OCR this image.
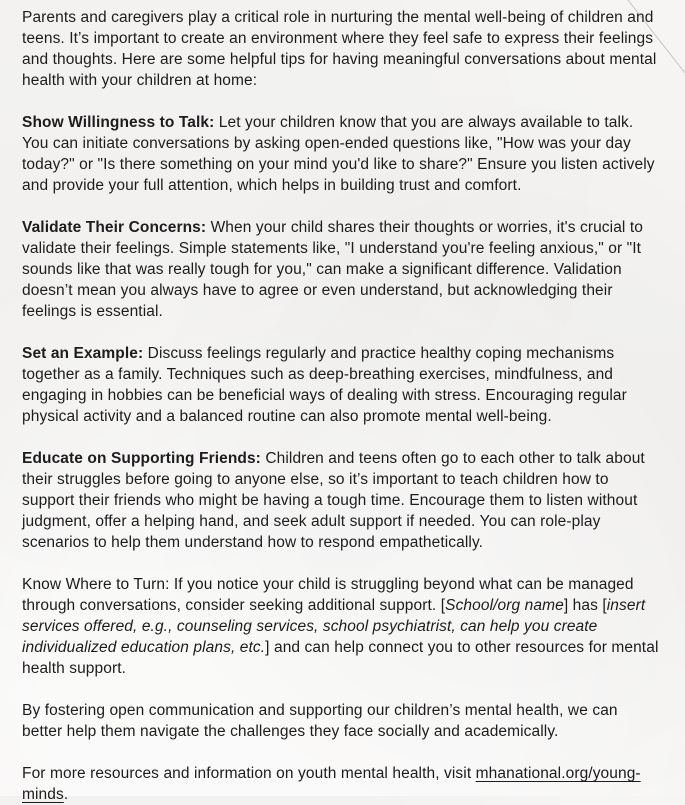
Parents and caregivers play a critical role in nurturing the mental well-being of children and teens. It’s important to create an environment where they feel safe to express their feelings and thoughts. Here are some helpful tips for having meaningful conversations about mental health with your children at home:

Show Willingness to Talk: Let your children know that you are always available to talk. You can initiate conversations by asking open-ended questions like, "How was your day today?" or "Is there something on your mind you'd like to share?" Ensure you listen actively and provide your full attention, which helps in building trust and comfort.

Validate Their Concerns: When your child shares their thoughts or worries, it's crucial to validate their feelings. Simple statements like, "I understand you're feeling anxious," or "It sounds like that was really tough for you," can make a significant difference. Validation doesn’t mean you always have to agree or even understand, but acknowledging their feelings is essential.

Set an Example: Discuss feelings regularly and practice healthy coping mechanisms together as a family. Techniques such as deep-breathing exercises, mindfulness, and engaging in hobbies can be beneficial ways of dealing with stress. Encouraging regular physical activity and a balanced routine can also promote mental well-being.

Educate on Supporting Friends: Children and teens often go to each other to talk about their struggles before going to anyone else, so it’s important to teach children how to support their friends who might be having a tough time. Encourage them to listen without judgment, offer a helping hand, and seek adult support if needed. You can role-play scenarios to help them understand how to respond empathetically.

Know Where to Turn: If you notice your child is struggling beyond what can be managed through conversations, consider seeking additional support. [School/org name] has [insert services offered, e.g., counseling services, school psychiatrist, can help you create individualized education plans, etc.] and can help connect you to other resources for mental health support.

By fostering open communication and supporting our children’s mental health, we can better help them navigate the challenges they face socially and academically.

For more resources and information on youth mental health, visit mhanational.org/young-minds.
